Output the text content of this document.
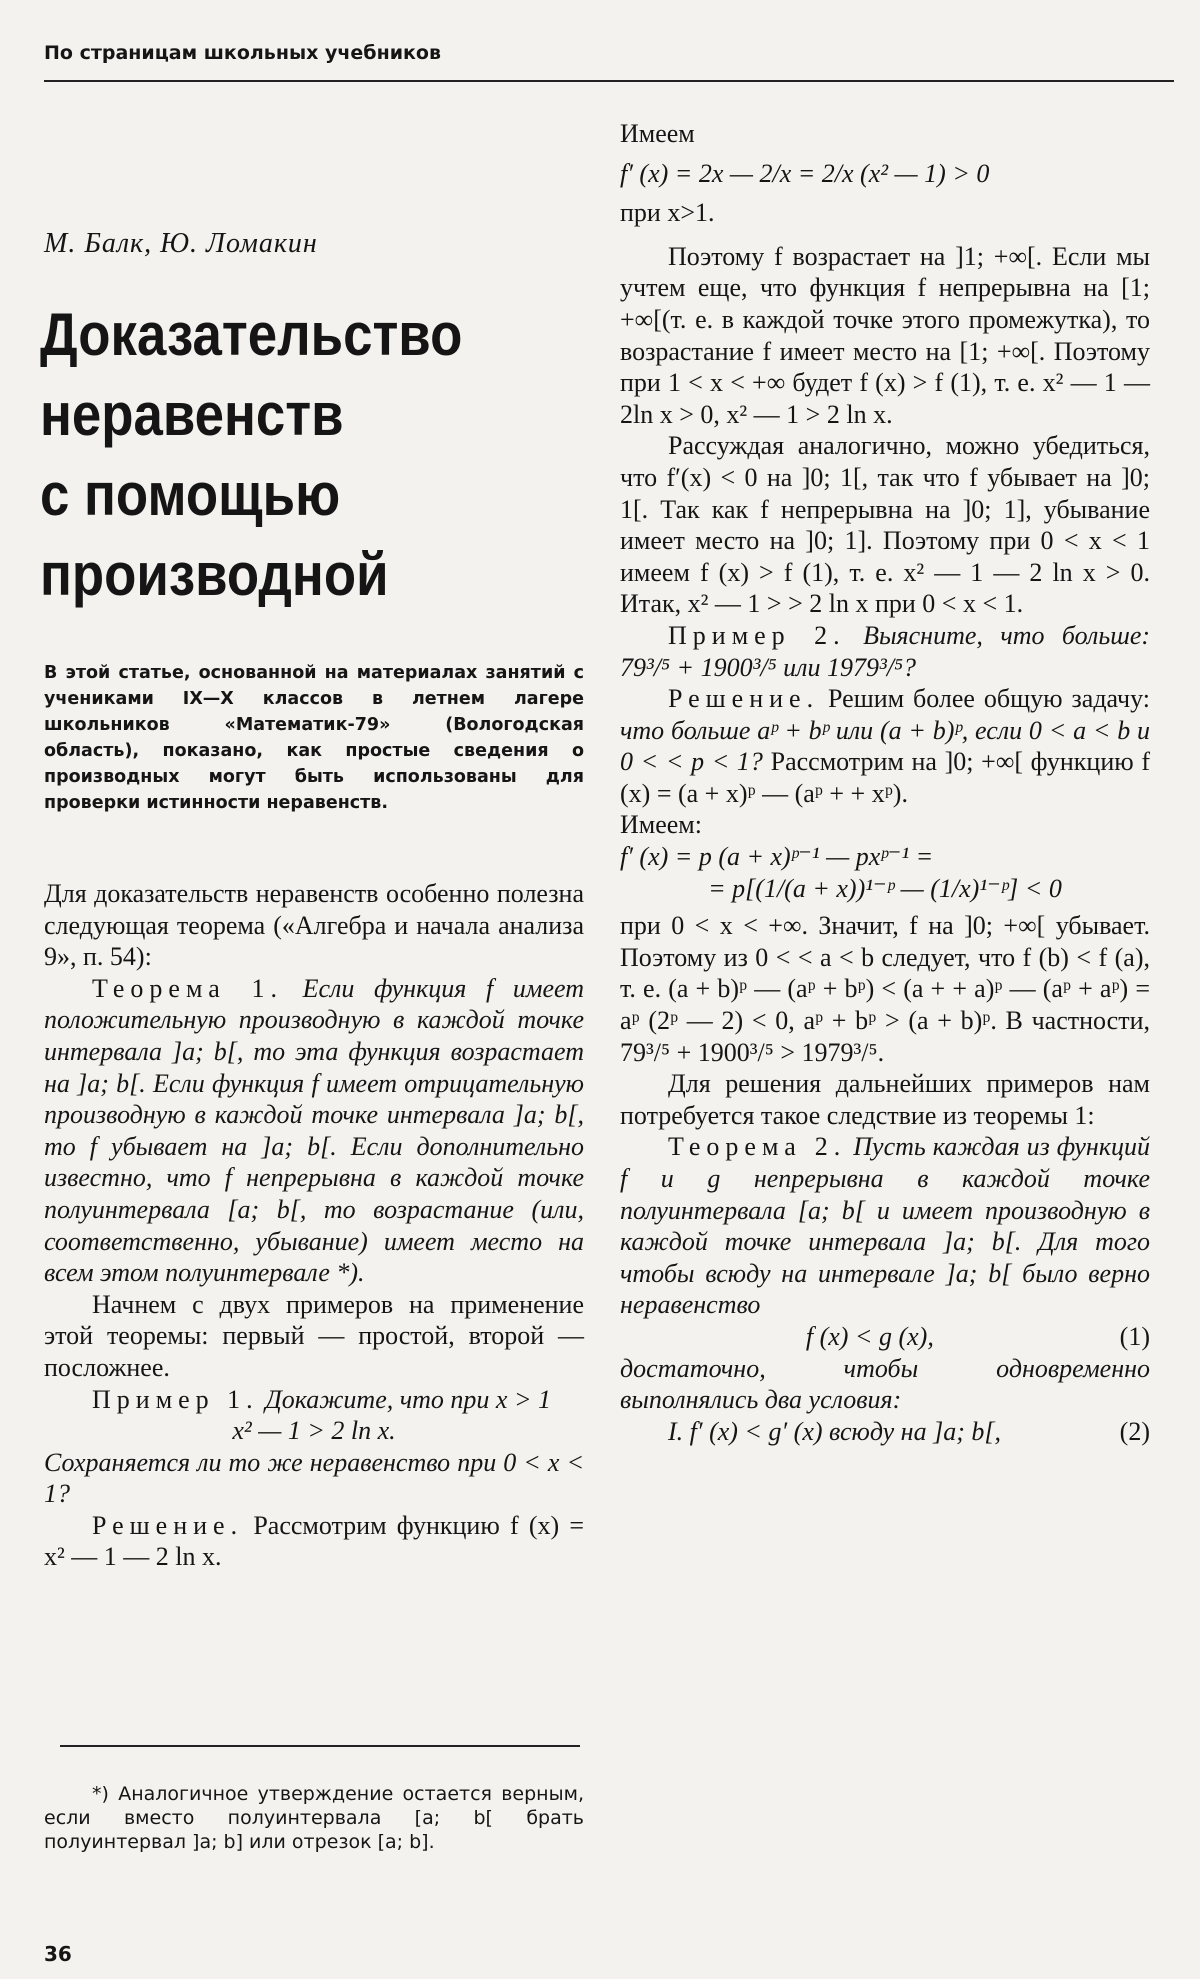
По страницам школьных учебников
М. Балк, Ю. Ломакин
Доказательство
неравенств
с помощью
производной
В этой статье, основанной на материалах занятий с учениками IX—X классов в летнем лагере школьников «Математик-79» (Вологодская область), показано, как простые сведения о производных могут быть использованы для проверки истинности неравенств.

Для доказательств неравенств особенно полезна следующая теорема («Алгебра и начала анализа 9», п. 54):

Теорема 1. Если функция f имеет положительную производную в каждой точке интервала ]a; b[, то эта функция возрастает на ]a; b[. Если функция f имеет отрицательную производную в каждой точке интервала ]a; b[, то f убывает на ]a; b[. Если дополнительно известно, что f непрерывна в каждой точке полуинтервала [a; b[, то возрастание (или, соответственно, убывание) имеет место на всем этом полуинтервале *).

Начнем с двух примеров на применение этой теоремы: первый — простой, второй — посложнее.

Пример 1. Докажите, что при x > 1

x² — 1 > 2 ln x.

Сохраняется ли то же неравенство при 0 < x < 1?

Решение. Рассмотрим функцию f (x) = x² — 1 — 2 ln x.

*) Аналогичное утверждение остается верным, если вместо полуинтервала [a; b[ брать полуинтервал ]a; b] или отрезок [a; b].
36

Имеем

f′ (x) = 2x — 2/x = 2/x (x² — 1) > 0

при x>1.

Поэтому f возрастает на ]1; +∞[. Если мы учтем еще, что функция f непрерывна на [1; +∞[(т. е. в каждой точке этого промежутка), то возрастание f имеет место на [1; +∞[. Поэтому при 1 < x < +∞ будет f (x) > f (1), т. е. x² — 1 — 2ln x > 0, x² — 1 > 2 ln x.

Рассуждая аналогично, можно убедиться, что f′(x) < 0 на ]0; 1[, так что f убывает на ]0; 1[. Так как f непрерывна на ]0; 1], убывание имеет место на ]0; 1]. Поэтому при 0 < x < 1 имеем f (x) > f (1), т. е. x² — 1 — 2 ln x > 0. Итак, x² — 1 > > 2 ln x при 0 < x < 1.

Пример 2. Выясните, что больше: 79³/⁵ + 1900³/⁵ или 1979³/⁵?

Решение. Решим более общую задачу: что больше aᵖ + bᵖ или (a + b)ᵖ, если 0 < a < b и 0 < < p < 1? Рассмотрим на ]0; +∞[ функцию f (x) = (a + x)ᵖ — (aᵖ + + xᵖ).

Имеем:

f′ (x) = p (a + x)ᵖ⁻¹ — pxᵖ⁻¹ =

= p[(1/(a + x))¹⁻ᵖ — (1/x)¹⁻ᵖ] < 0

при 0 < x < +∞. Значит, f на ]0; +∞[ убывает. Поэтому из 0 < < a < b следует, что f (b) < f (a), т. е. (a + b)ᵖ — (aᵖ + bᵖ) < (a + + a)ᵖ — (aᵖ + aᵖ) = aᵖ (2ᵖ — 2) < 0, aᵖ + bᵖ > (a + b)ᵖ. В частности, 79³/⁵ + 1900³/⁵ > 1979³/⁵.

Для решения дальнейших примеров нам потребуется такое следствие из теоремы 1:

Теорема 2. Пусть каждая из функций f и g непрерывна в каждой точке полуинтервала [a; b[ и имеет производную в каждой точке интервала ]a; b[. Для того чтобы всюду на интервале ]a; b[ было верно неравенство

f (x) < g (x),	(1)

достаточно, чтобы одновременно выполнялись два условия:

I. f′ (x) < g′ (x) всюду на ]a; b[,	(2)
